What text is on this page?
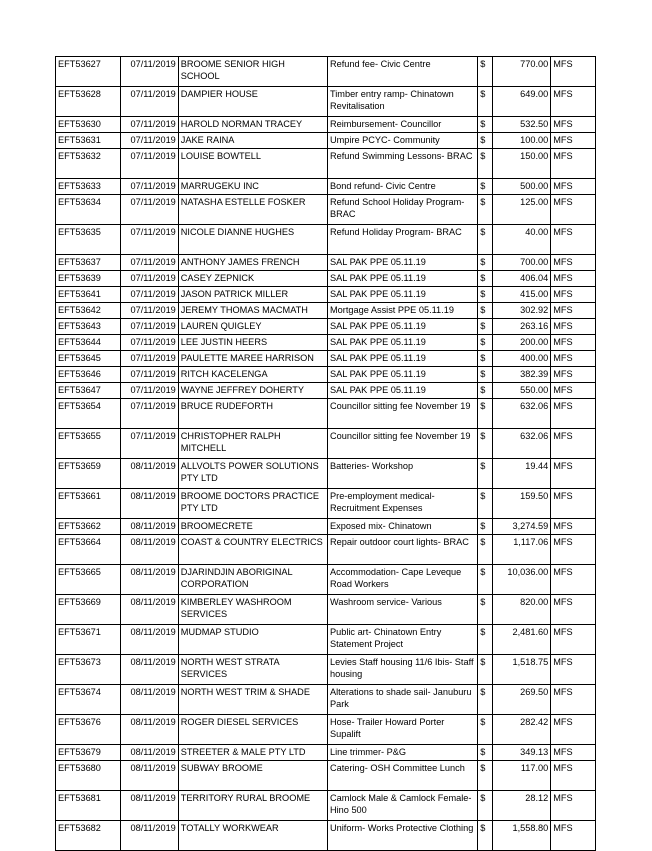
EFT53627	07/11/2019	BROOME SENIOR HIGH SCHOOL	Refund fee- Civic Centre	$	770.00	MFS
EFT53628	07/11/2019	DAMPIER HOUSE	Timber entry ramp- Chinatown Revitalisation	$	649.00	MFS
EFT53630	07/11/2019	HAROLD NORMAN TRACEY	Reimbursement- Councillor	$	532.50	MFS
EFT53631	07/11/2019	JAKE RAINA	Umpire PCYC- Community	$	100.00	MFS
EFT53632	07/11/2019	LOUISE BOWTELL	Refund Swimming Lessons- BRAC	$	150.00	MFS
EFT53633	07/11/2019	MARRUGEKU INC	Bond refund- Civic Centre	$	500.00	MFS
EFT53634	07/11/2019	NATASHA ESTELLE FOSKER	Refund School Holiday Program- BRAC	$	125.00	MFS
EFT53635	07/11/2019	NICOLE DIANNE HUGHES	Refund Holiday Program- BRAC	$	40.00	MFS
EFT53637	07/11/2019	ANTHONY JAMES FRENCH	SAL PAK PPE 05.11.19	$	700.00	MFS
EFT53639	07/11/2019	CASEY ZEPNICK	SAL PAK PPE 05.11.19	$	406.04	MFS
EFT53641	07/11/2019	JASON PATRICK MILLER	SAL PAK PPE 05.11.19	$	415.00	MFS
EFT53642	07/11/2019	JEREMY THOMAS MACMATH	Mortgage Assist PPE 05.11.19	$	302.92	MFS
EFT53643	07/11/2019	LAUREN QUIGLEY	SAL PAK PPE 05.11.19	$	263.16	MFS
EFT53644	07/11/2019	LEE JUSTIN HEERS	SAL PAK PPE 05.11.19	$	200.00	MFS
EFT53645	07/11/2019	PAULETTE MAREE HARRISON	SAL PAK PPE 05.11.19	$	400.00	MFS
EFT53646	07/11/2019	RITCH KACELENGA	SAL PAK PPE 05.11.19	$	382.39	MFS
EFT53647	07/11/2019	WAYNE JEFFREY DOHERTY	SAL PAK PPE 05.11.19	$	550.00	MFS
EFT53654	07/11/2019	BRUCE RUDEFORTH	Councillor sitting fee November 19	$	632.06	MFS
EFT53655	07/11/2019	CHRISTOPHER RALPH MITCHELL	Councillor sitting fee November 19	$	632.06	MFS
EFT53659	08/11/2019	ALLVOLTS POWER SOLUTIONS PTY LTD	Batteries- Workshop	$	19.44	MFS
EFT53661	08/11/2019	BROOME DOCTORS PRACTICE PTY LTD	Pre-employment medical- Recruitment Expenses	$	159.50	MFS
EFT53662	08/11/2019	BROOMECRETE	Exposed mix- Chinatown	$	3,274.59	MFS
EFT53664	08/11/2019	COAST & COUNTRY ELECTRICS	Repair outdoor court lights- BRAC	$	1,117.06	MFS
EFT53665	08/11/2019	DJARINDJIN ABORIGINAL CORPORATION	Accommodation- Cape Leveque Road Workers	$	10,036.00	MFS
EFT53669	08/11/2019	KIMBERLEY WASHROOM SERVICES	Washroom service- Various	$	820.00	MFS
EFT53671	08/11/2019	MUDMAP STUDIO	Public art- Chinatown Entry Statement Project	$	2,481.60	MFS
EFT53673	08/11/2019	NORTH WEST STRATA SERVICES	Levies Staff housing 11/6 Ibis- Staff housing	$	1,518.75	MFS
EFT53674	08/11/2019	NORTH WEST TRIM & SHADE	Alterations to shade sail- Januburu Park	$	269.50	MFS
EFT53676	08/11/2019	ROGER DIESEL SERVICES	Hose- Trailer Howard Porter Supalift	$	282.42	MFS
EFT53679	08/11/2019	STREETER & MALE PTY LTD	Line trimmer- P&G	$	349.13	MFS
EFT53680	08/11/2019	SUBWAY BROOME	Catering- OSH Committee Lunch	$	117.00	MFS
EFT53681	08/11/2019	TERRITORY RURAL BROOME	Camlock Male & Camlock Female- Hino 500	$	28.12	MFS
EFT53682	08/11/2019	TOTALLY WORKWEAR	Uniform- Works Protective Clothing	$	1,558.80	MFS
